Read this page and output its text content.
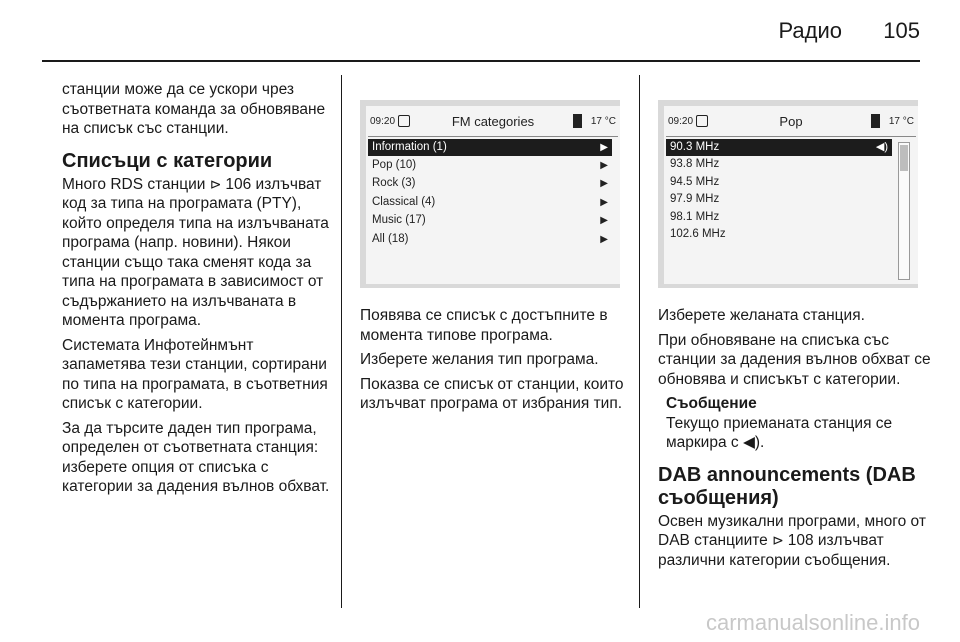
Радио 105

станции може да се ускори чрез съответната команда за обновяване на списък със станции.

Списъци с категории

Много RDS станции ⊳ 106 излъчват код за типа на програмата (PTY), който определя типа на излъчваната програма (напр. новини). Някои станции също така сменят кода за типа на програмата в зависимост от съдържанието на излъчваната в момента програма.

Системата Инфотейнмънт запаметява тези станции, сортирани по типа на програмата, в съответния списък с категории.

За да търсите даден тип програма, определен от съответната станция: изберете опция от списъка с категории за дадения вълнов обхват.

09:20	FM categories	17 °C
Information (1)	▶
Pop (10)	▶
Rock (3)	▶
Classical (4)	▶
Music (17)	▶
All (18)	▶

Появява се списък с достъпните в момента типове програма.

Изберете желания тип програма.

Показва се списък от станции, които излъчват програма от избрания тип.

09:20	Pop	17 °C
90.3 MHz	◀)
93.8 MHz
94.5 MHz
97.9 MHz
98.1 MHz
102.6 MHz

Изберете желаната станция.

При обновяване на списъка със станции за дадения вълнов обхват се обновява и списъкът с категории.

Съобщение

Текущо приеманата станция се маркира с ◀).

DAB announcements (DAB съобщения)

Освен музикални програми, много от DAB станциите ⊳ 108 излъчват различни категории съобщения.

carmanualsonline.info
